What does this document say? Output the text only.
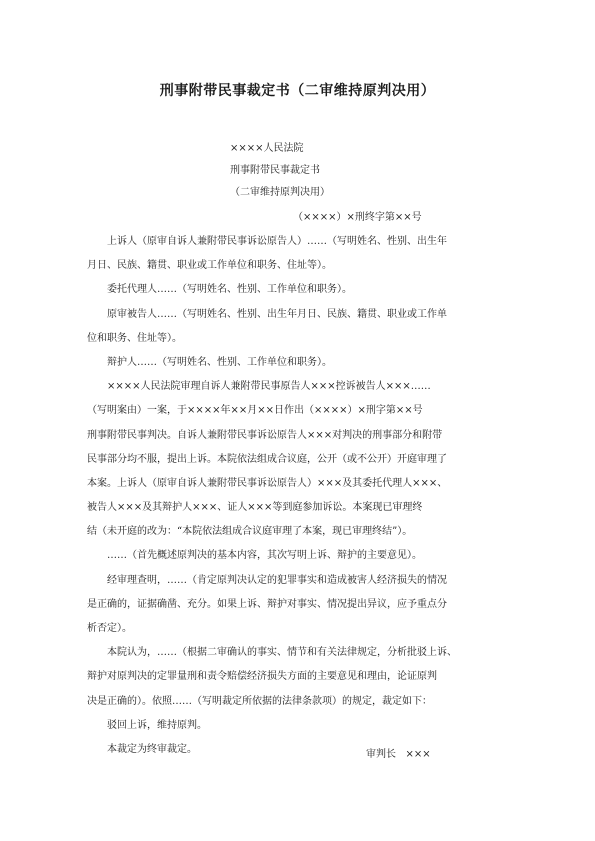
刑事附带民事裁定书（二审维持原判决用）
××××人民法院
刑事附带民事裁定书
（二审维持原判决用）
（××××）×刑终字第××号
上诉人（原审自诉人兼附带民事诉讼原告人）……（写明姓名、性别、出生年
月日、民族、籍贯、职业或工作单位和职务、住址等）。
委托代理人……（写明姓名、性别、工作单位和职务）。
原审被告人……（写明姓名、性别、出生年月日、民族、籍贯、职业或工作单
位和职务、住址等）。
辩护人……（写明姓名、性别、工作单位和职务）。
××××人民法院审理自诉人兼附带民事原告人×××控诉被告人×××……
（写明案由）一案，于××××年××月××日作出（××××）×刑字第××号
刑事附带民事判决。自诉人兼附带民事诉讼原告人×××对判决的刑事部分和附带
民事部分均不服，提出上诉。本院依法组成合议庭，公开（或不公开）开庭审理了
本案。上诉人（原审自诉人兼附带民事诉讼原告人）×××及其委托代理人×××、
被告人×××及其辩护人×××、证人×××等到庭参加诉讼。本案现已审理终
结（未开庭的改为：“本院依法组成合议庭审理了本案，现已审理终结”）。
……（首先概述原判决的基本内容，其次写明上诉、辩护的主要意见）。
经审理查明，……（肯定原判决认定的犯罪事实和造成被害人经济损失的情况
是正确的，证据确凿、充分。如果上诉、辩护对事实、情况提出异议，应予重点分
析否定）。
本院认为，……（根据二审确认的事实、情节和有关法律规定，分析批驳上诉、
辩护对原判决的定罪量刑和责令赔偿经济损失方面的主要意见和理由，论证原判
决是正确的）。依照……（写明裁定所依据的法律条款项）的规定，裁定如下：
驳回上诉，维持原判。
本裁定为终审裁定。	审判长 ×××
